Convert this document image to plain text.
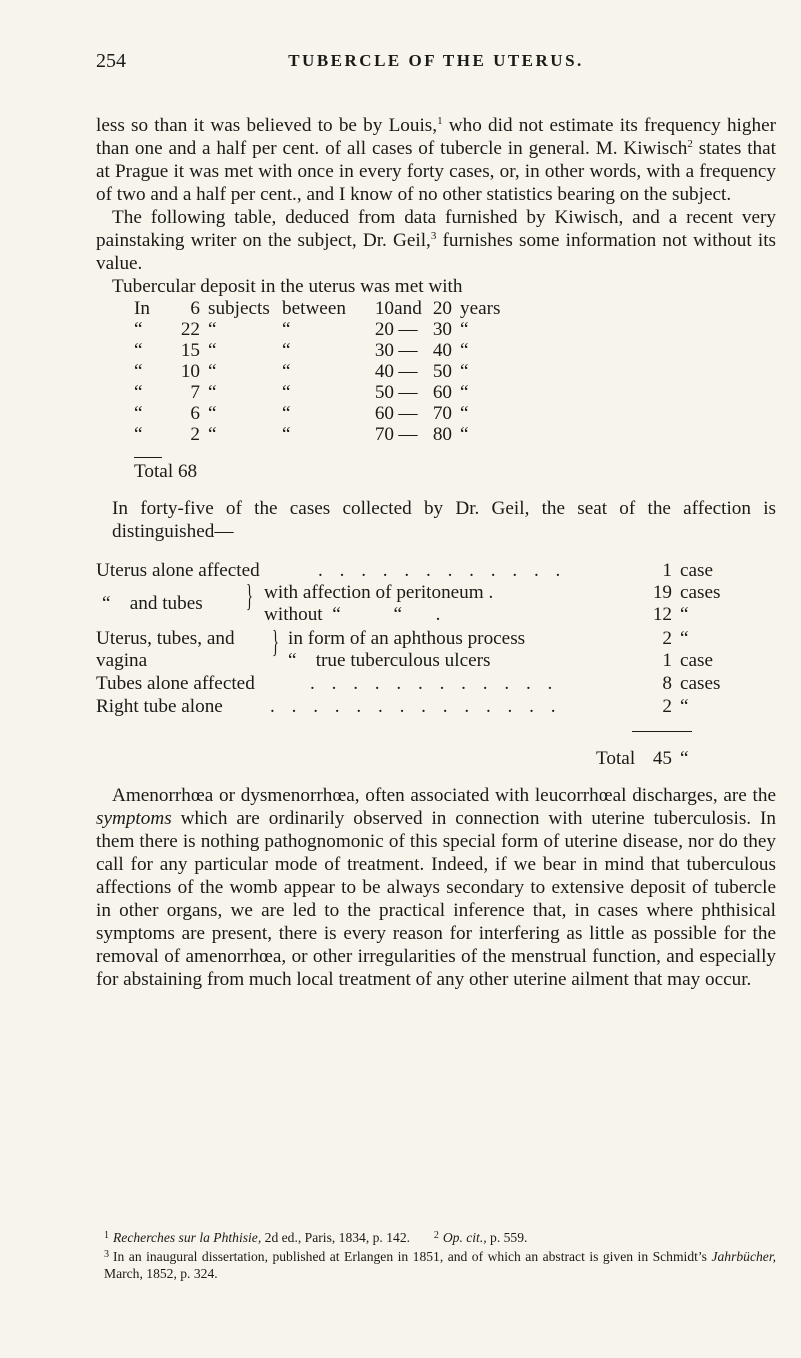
254	TUBERCLE OF THE UTERUS.

less so than it was believed to be by Louis,$^1$ who did not estimate its frequency higher than one and a half per cent. of all cases of tubercle in general. M. Kiwisch$^2$ states that at Prague it was met with once in every forty cases, or, in other words, with a frequency of two and a half per cent., and I know of no other statistics bearing on the subject.

The following table, deduced from data furnished by Kiwisch, and a recent very painstaking writer on the subject, Dr. Geil,$^3$ furnishes some information not without its value.

Tubercular deposit in the uterus was met with

In	6 subjects between	10 and 20 years
“	22 “	“	20 — 30 “
“	15 “	“	30 — 40 “
“	10 “	“	40 — 50 “
“	7 “	“	50 — 60 “
“	6 “	“	60 — 70 “
“	2 “	“	70 — 80 “
Total 68

In forty-five of the cases collected by Dr. Geil, the seat of the affection is distinguished—

Uterus alone affected	. . . . . . . . . . . .	1 case
“    and tubes } with affection of peritoneum .	19 cases
without  “           “       .	12 “
Uterus, tubes, and } in form of an aphthous process	2 “
vagina	“    true tuberculous ulcers	1 case
Tubes alone affected	. . . . . . . . . . . .	8 cases
Right tube alone . . . . . . . . . . . . . .	2 “
Total 45 “

Amenorrhœa or dysmenorrhœa, often associated with leucorrhœal discharges, are the symptoms which are ordinarily observed in connection with uterine tuberculosis. In them there is nothing pathognomonic of this special form of uterine disease, nor do they call for any particular mode of treatment. Indeed, if we bear in mind that tuberculous affections of the womb appear to be always secondary to extensive deposit of tubercle in other organs, we are led to the practical inference that, in cases where phthisical symptoms are present, there is every reason for interfering as little as possible for the removal of amenorrhœa, or other irregularities of the menstrual function, and especially for abstaining from much local treatment of any other uterine ailment that may occur.

$^1$ Recherches sur la Phthisie, 2d ed., Paris, 1834, p. 142. $^2$ Op. cit., p. 559.

$^3$ In an inaugural dissertation, published at Erlangen in 1851, and of which an abstract is given in Schmidt’s Jahrbücher, March, 1852, p. 324.
